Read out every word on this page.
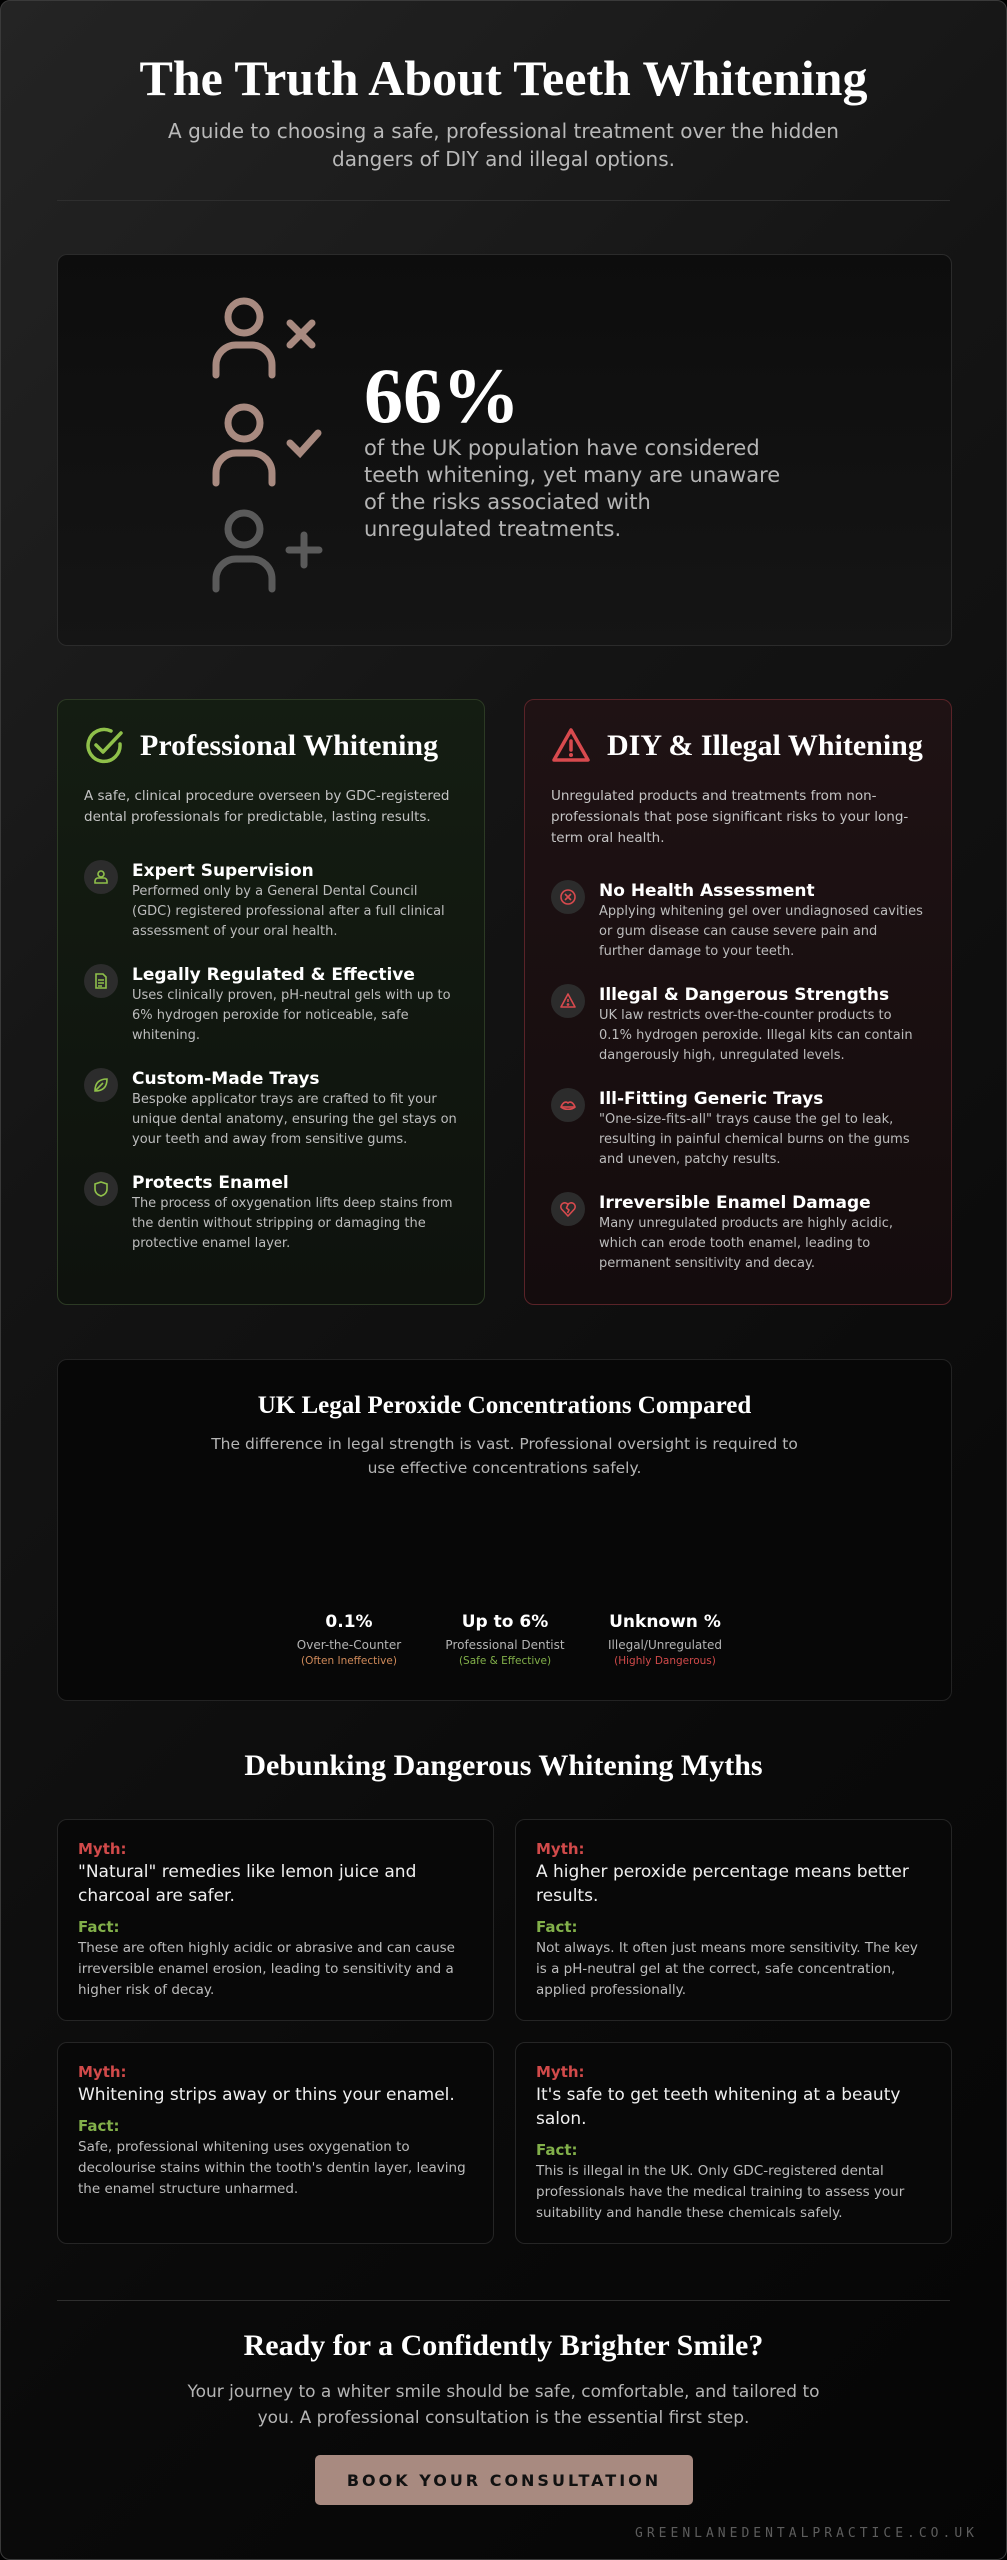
The Truth About Teeth Whitening
A guide to choosing a safe, professional treatment over the hidden dangers of DIY and illegal options.
66%
of the UK population have considered teeth whitening, yet many are unaware of the risks associated with unregulated treatments.
Professional Whitening
A safe, clinical procedure overseen by GDC-registered dental professionals for predictable, lasting results.
Expert Supervision
Performed only by a General Dental Council (GDC) registered professional after a full clinical assessment of your oral health.
Legally Regulated & Effective
Uses clinically proven, pH-neutral gels with up to 6% hydrogen peroxide for noticeable, safe whitening.
Custom-Made Trays
Bespoke applicator trays are crafted to fit your unique dental anatomy, ensuring the gel stays on your teeth and away from sensitive gums.
Protects Enamel
The process of oxygenation lifts deep stains from the dentin without stripping or damaging the protective enamel layer.
DIY & Illegal Whitening
Unregulated products and treatments from non-professionals that pose significant risks to your long-term oral health.
No Health Assessment
Applying whitening gel over undiagnosed cavities or gum disease can cause severe pain and further damage to your teeth.
Illegal & Dangerous Strengths
UK law restricts over-the-counter products to 0.1% hydrogen peroxide. Illegal kits can contain dangerously high, unregulated levels.
Ill-Fitting Generic Trays
"One-size-fits-all" trays cause the gel to leak, resulting in painful chemical burns on the gums and uneven, patchy results.
Irreversible Enamel Damage
Many unregulated products are highly acidic, which can erode tooth enamel, leading to permanent sensitivity and decay.
UK Legal Peroxide Concentrations Compared
The difference in legal strength is vast. Professional oversight is required to use effective concentrations safely.
0.1%
Over-the-Counter
(Often Ineffective)
Up to 6%
Professional Dentist
(Safe & Effective)
Unknown %
Illegal/Unregulated
(Highly Dangerous)
Debunking Dangerous Whitening Myths
Myth:
"Natural" remedies like lemon juice and charcoal are safer.
Fact:
These are often highly acidic or abrasive and can cause irreversible enamel erosion, leading to sensitivity and a higher risk of decay.
Myth:
A higher peroxide percentage means better results.
Fact:
Not always. It often just means more sensitivity. The key is a pH-neutral gel at the correct, safe concentration, applied professionally.
Myth:
Whitening strips away or thins your enamel.
Fact:
Safe, professional whitening uses oxygenation to decolourise stains within the tooth's dentin layer, leaving the enamel structure unharmed.
Myth:
It's safe to get teeth whitening at a beauty salon.
Fact:
This is illegal in the UK. Only GDC-registered dental professionals have the medical training to assess your suitability and handle these chemicals safely.
Ready for a Confidently Brighter Smile?
Your journey to a whiter smile should be safe, comfortable, and tailored to you. A professional consultation is the essential first step.
BOOK YOUR CONSULTATION
GREENLANEDENTALPRACTICE.CO.UK
